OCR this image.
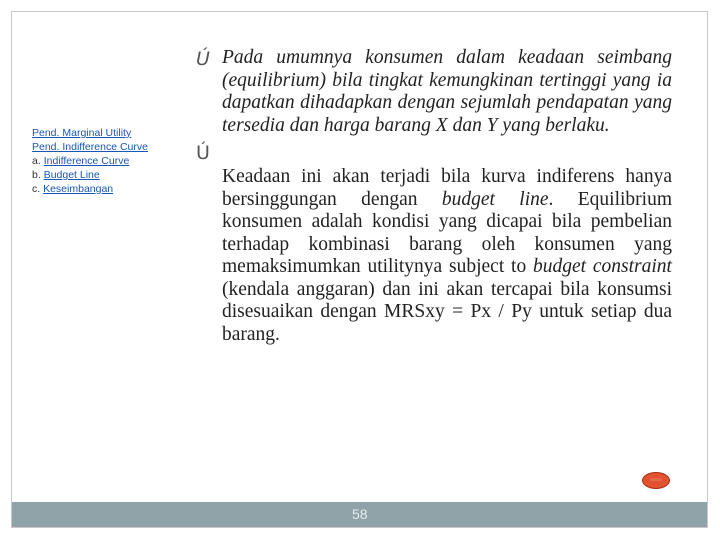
Pend. Marginal Utility
Pend. Indifference Curve
a. Indifference Curve
b. Budget Line
c. Keseimbangan
Ú Pada umumnya konsumen dalam keadaan seimbang (equilibrium) bila tingkat kemungkinan tertinggi yang ia dapatkan dihadapkan dengan sejumlah pendapatan yang tersedia dan harga barang X dan Y yang berlaku.
Ú
Keadaan ini akan terjadi bila kurva indiferens hanya bersinggungan dengan budget line. Equilibrium konsumen adalah kondisi yang dicapai bila pembelian terhadap kombinasi barang oleh konsumen yang memaksimumkan utilitynya subject to budget constraint (kendala anggaran) dan ini akan tercapai bila konsumsi disesuaikan dengan MRSxy = Px / Py untuk setiap dua barang.
58
